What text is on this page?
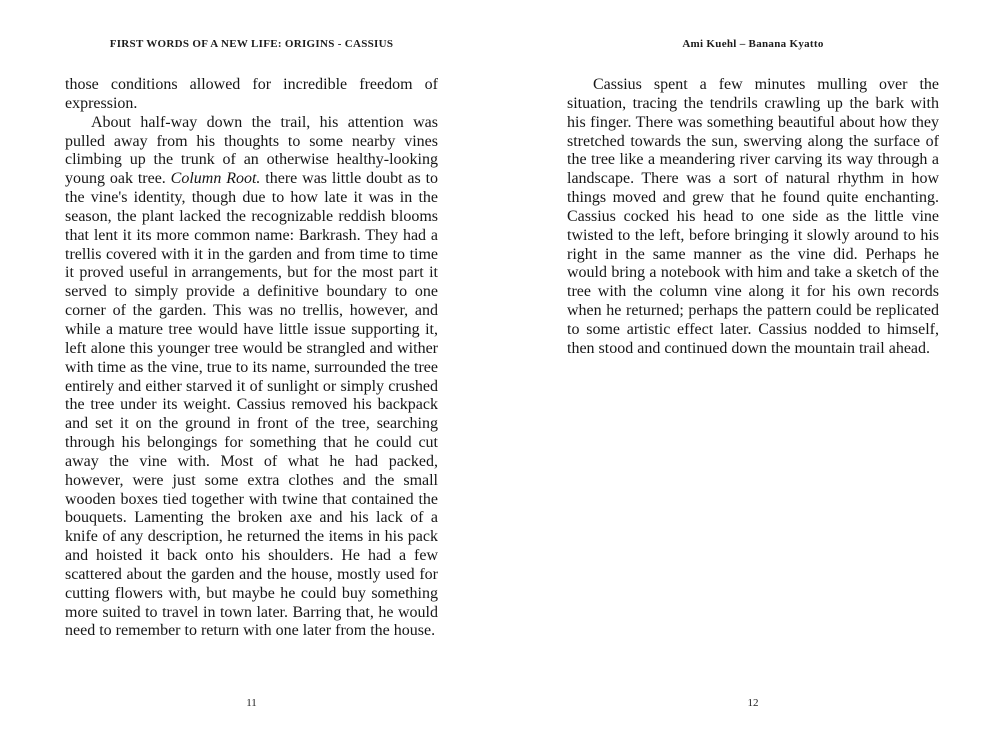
FIRST WORDS OF A NEW LIFE: ORIGINS - CASSIUS

those conditions allowed for incredible freedom of expression.

About half-way down the trail, his attention was pulled away from his thoughts to some nearby vines climbing up the trunk of an otherwise healthy-looking young oak tree. Column Root. there was little doubt as to the vine's identity, though due to how late it was in the season, the plant lacked the recognizable reddish blooms that lent it its more common name: Barkrash. They had a trellis covered with it in the garden and from time to time it proved useful in arrangements, but for the most part it served to simply provide a definitive boundary to one corner of the garden. This was no trellis, however, and while a mature tree would have little issue supporting it, left alone this younger tree would be strangled and wither with time as the vine, true to its name, surrounded the tree entirely and either starved it of sunlight or simply crushed the tree under its weight. Cassius removed his backpack and set it on the ground in front of the tree, searching through his belongings for something that he could cut away the vine with. Most of what he had packed, however, were just some extra clothes and the small wooden boxes tied together with twine that contained the bouquets. Lamenting the broken axe and his lack of a knife of any description, he returned the items in his pack and hoisted it back onto his shoulders. He had a few scattered about the garden and the house, mostly used for cutting flowers with, but maybe he could buy something more suited to travel in town later. Barring that, he would need to remember to return with one later from the house.

Ami Kuehl – Banana Kyatto

Cassius spent a few minutes mulling over the situation, tracing the tendrils crawling up the bark with his finger. There was something beautiful about how they stretched towards the sun, swerving along the surface of the tree like a meandering river carving its way through a landscape. There was a sort of natural rhythm in how things moved and grew that he found quite enchanting. Cassius cocked his head to one side as the little vine twisted to the left, before bringing it slowly around to his right in the same manner as the vine did. Perhaps he would bring a notebook with him and take a sketch of the tree with the column vine along it for his own records when he returned; perhaps the pattern could be replicated to some artistic effect later. Cassius nodded to himself, then stood and continued down the mountain trail ahead.

11	12
